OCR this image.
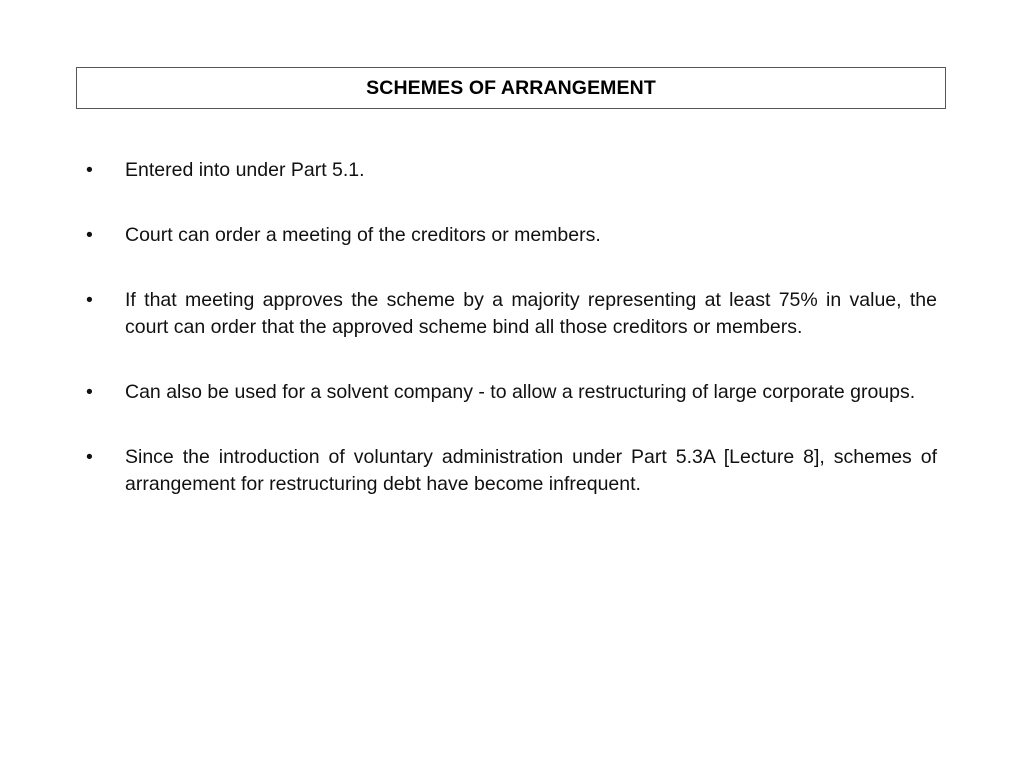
SCHEMES OF ARRANGEMENT
•	Entered into under Part 5.1.
•	Court can order a meeting of the creditors or members.
•	If that meeting approves the scheme by a majority representing at least 75% in value, the court can order that the approved scheme bind all those creditors or members.
•	Can also be used for a solvent company - to allow a restructuring of large corporate groups.
•	Since the introduction of voluntary administration under Part 5.3A [Lecture 8], schemes of arrangement for restructuring debt have become infrequent.
